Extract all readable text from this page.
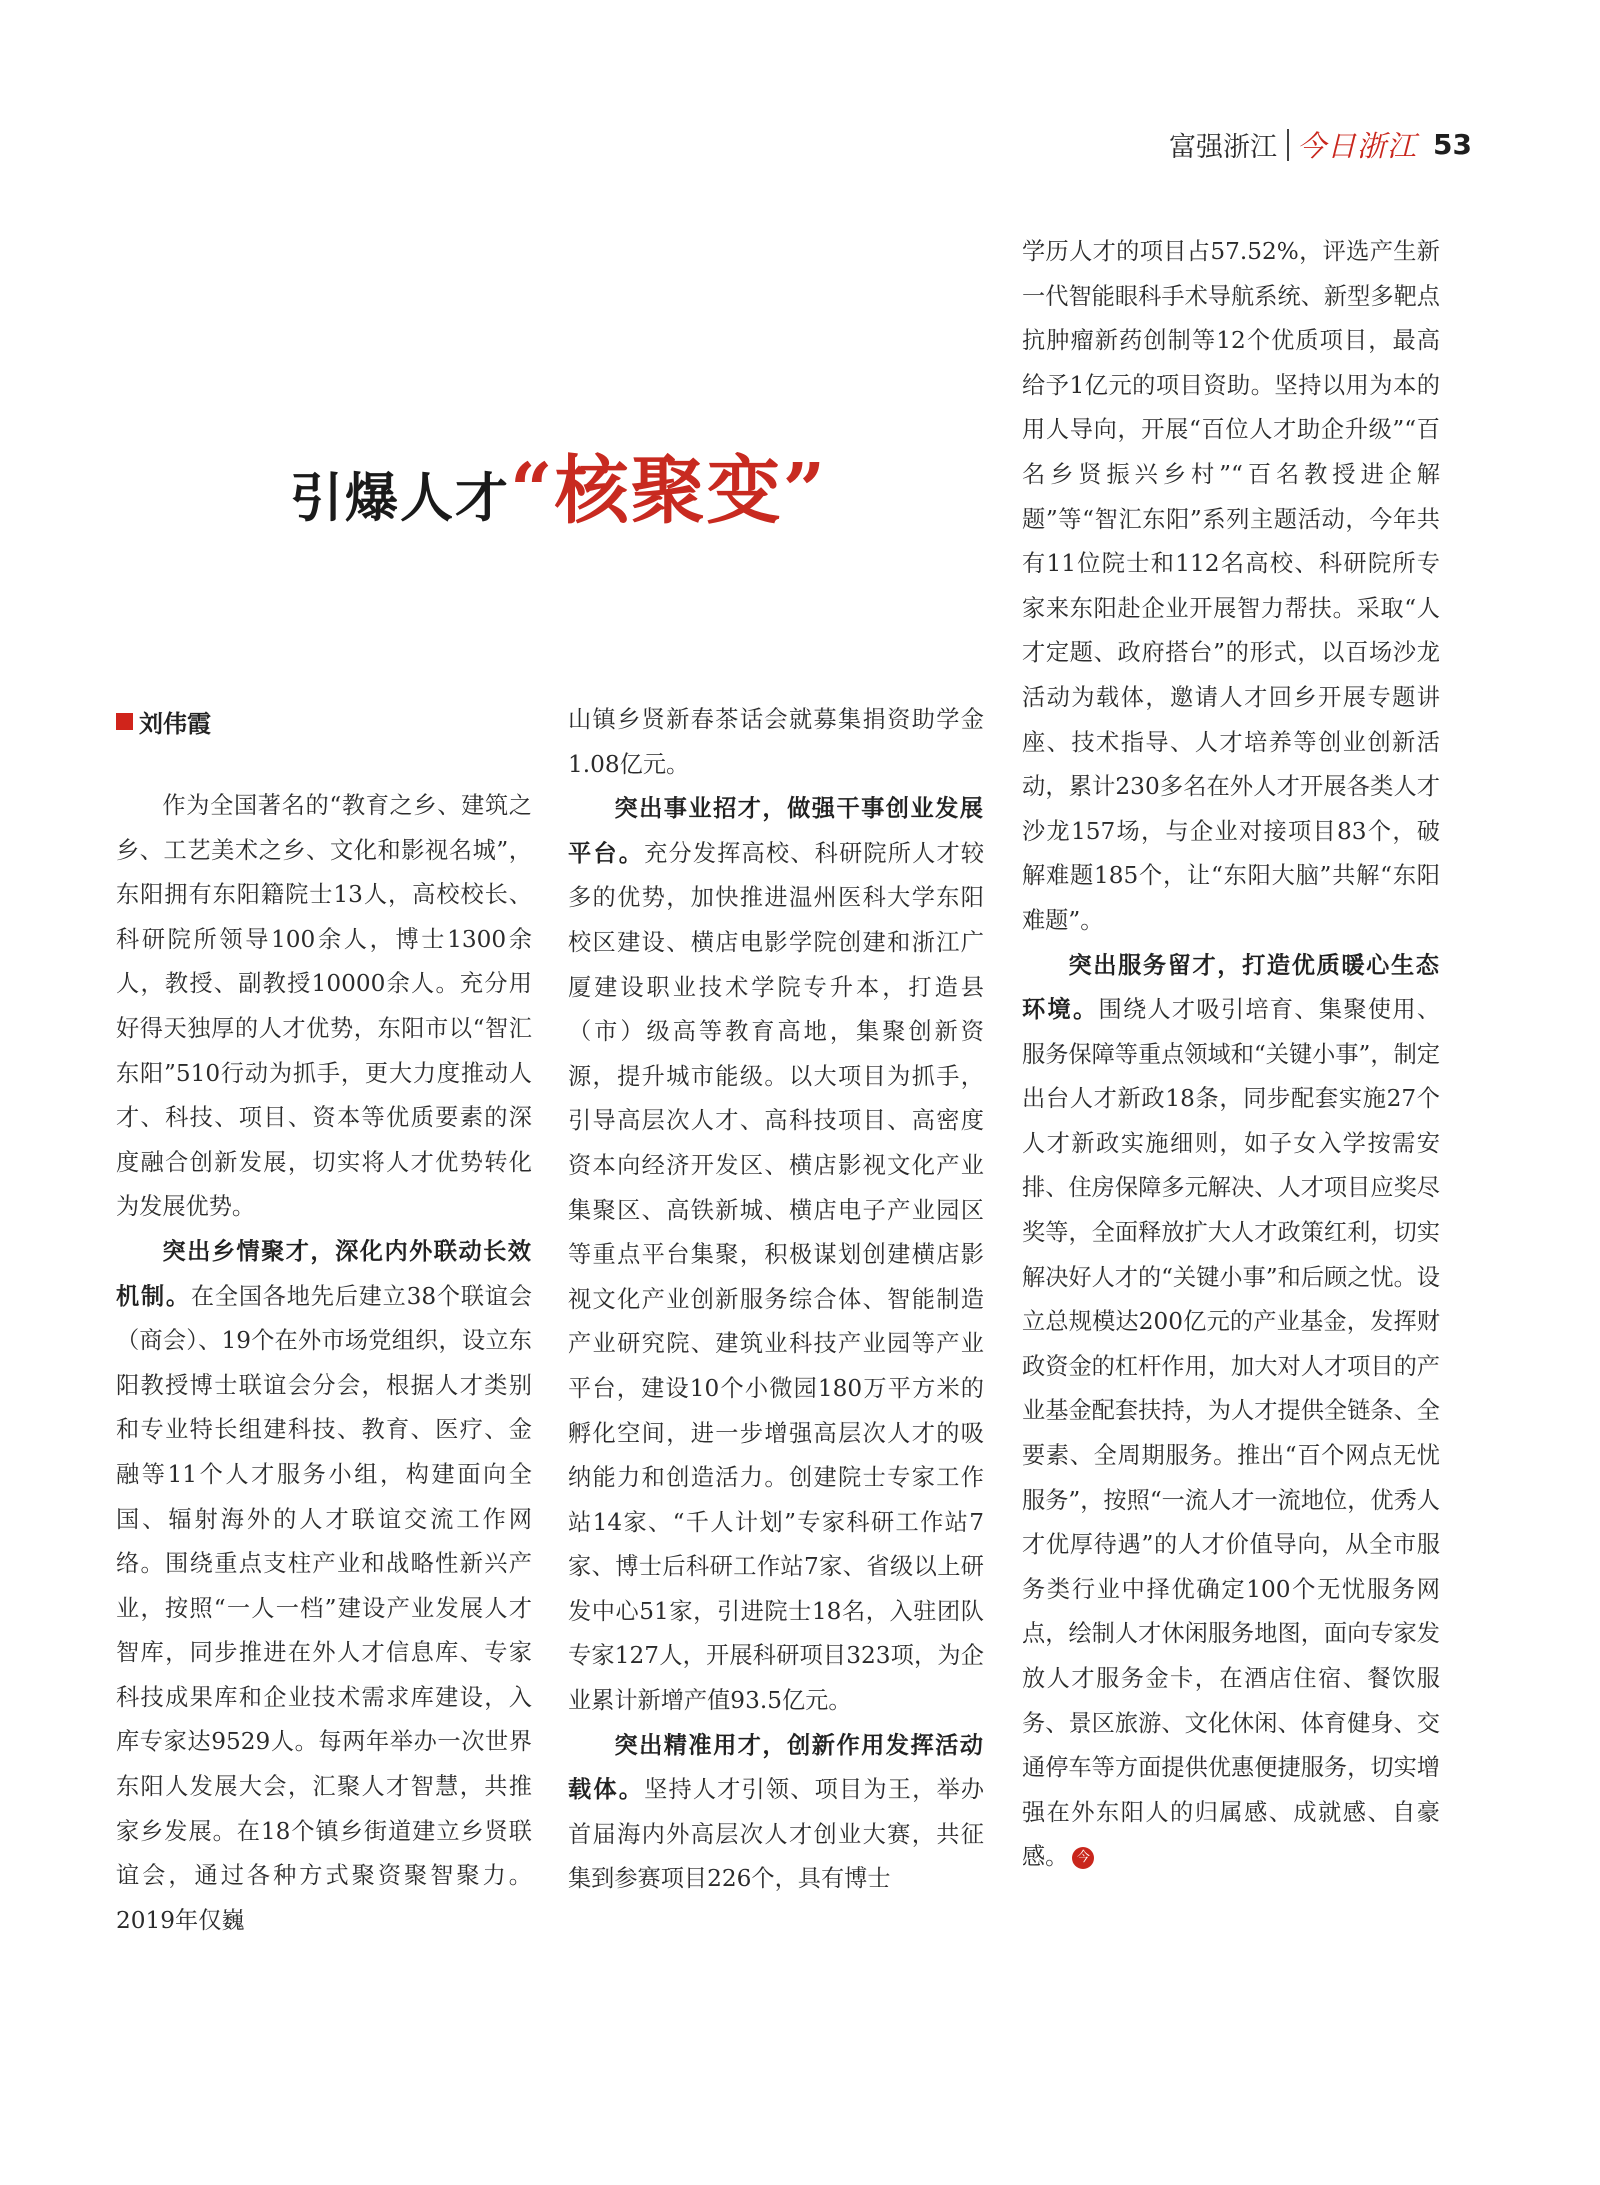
富强浙江 今日浙江 53
引爆人才“核聚变”
刘伟霞

作为全国著名的“教育之乡、建筑之乡、工艺美术之乡、文化和影视名城”，东阳拥有东阳籍院士13人，高校校长、科研院所领导100余人，博士1300余人，教授、副教授10000余人。充分用好得天独厚的人才优势，东阳市以“智汇东阳”510行动为抓手，更大力度推动人才、科技、项目、资本等优质要素的深度融合创新发展，切实将人才优势转化为发展优势。

突出乡情聚才，深化内外联动长效机制。在全国各地先后建立38个联谊会（商会）、19个在外市场党组织，设立东阳教授博士联谊会分会，根据人才类别和专业特长组建科技、教育、医疗、金融等11个人才服务小组，构建面向全国、辐射海外的人才联谊交流工作网络。围绕重点支柱产业和战略性新兴产业，按照“一人一档”建设产业发展人才智库，同步推进在外人才信息库、专家科技成果库和企业技术需求库建设，入库专家达9529人。每两年举办一次世界东阳人发展大会，汇聚人才智慧，共推家乡发展。在18个镇乡街道建立乡贤联谊会，通过各种方式聚资聚智聚力。2019年仅巍

山镇乡贤新春茶话会就募集捐资助学金1.08亿元。

突出事业招才，做强干事创业发展平台。充分发挥高校、科研院所人才较多的优势，加快推进温州医科大学东阳校区建设、横店电影学院创建和浙江广厦建设职业技术学院专升本，打造县（市）级高等教育高地，集聚创新资源，提升城市能级。以大项目为抓手，引导高层次人才、高科技项目、高密度资本向经济开发区、横店影视文化产业集聚区、高铁新城、横店电子产业园区等重点平台集聚，积极谋划创建横店影视文化产业创新服务综合体、智能制造产业研究院、建筑业科技产业园等产业平台，建设10个小微园180万平方米的孵化空间，进一步增强高层次人才的吸纳能力和创造活力。创建院士专家工作站14家、“千人计划”专家科研工作站7家、博士后科研工作站7家、省级以上研发中心51家，引进院士18名，入驻团队专家127人，开展科研项目323项，为企业累计新增产值93.5亿元。

突出精准用才，创新作用发挥活动载体。坚持人才引领、项目为王，举办首届海内外高层次人才创业大赛，共征集到参赛项目226个，具有博士

学历人才的项目占57.52%，评选产生新一代智能眼科手术导航系统、新型多靶点抗肿瘤新药创制等12个优质项目，最高给予1亿元的项目资助。坚持以用为本的用人导向，开展“百位人才助企升级”“百名乡贤振兴乡村”“百名教授进企解题”等“智汇东阳”系列主题活动，今年共有11位院士和112名高校、科研院所专家来东阳赴企业开展智力帮扶。采取“人才定题、政府搭台”的形式，以百场沙龙活动为载体，邀请人才回乡开展专题讲座、技术指导、人才培养等创业创新活动，累计230多名在外人才开展各类人才沙龙157场，与企业对接项目83个，破解难题185个，让“东阳大脑”共解“东阳难题”。

突出服务留才，打造优质暖心生态环境。围绕人才吸引培育、集聚使用、服务保障等重点领域和“关键小事”，制定出台人才新政18条，同步配套实施27个人才新政实施细则，如子女入学按需安排、住房保障多元解决、人才项目应奖尽奖等，全面释放扩大人才政策红利，切实解决好人才的“关键小事”和后顾之忧。设立总规模达200亿元的产业基金，发挥财政资金的杠杆作用，加大对人才项目的产业基金配套扶持，为人才提供全链条、全要素、全周期服务。推出“百个网点无忧服务”，按照“一流人才一流地位，优秀人才优厚待遇”的人才价值导向，从全市服务类行业中择优确定100个无忧服务网点，绘制人才休闲服务地图，面向专家发放人才服务金卡，在酒店住宿、餐饮服务、景区旅游、文化休闲、体育健身、交通停车等方面提供优惠便捷服务，切实增强在外东阳人的归属感、成就感、自豪感。 今
